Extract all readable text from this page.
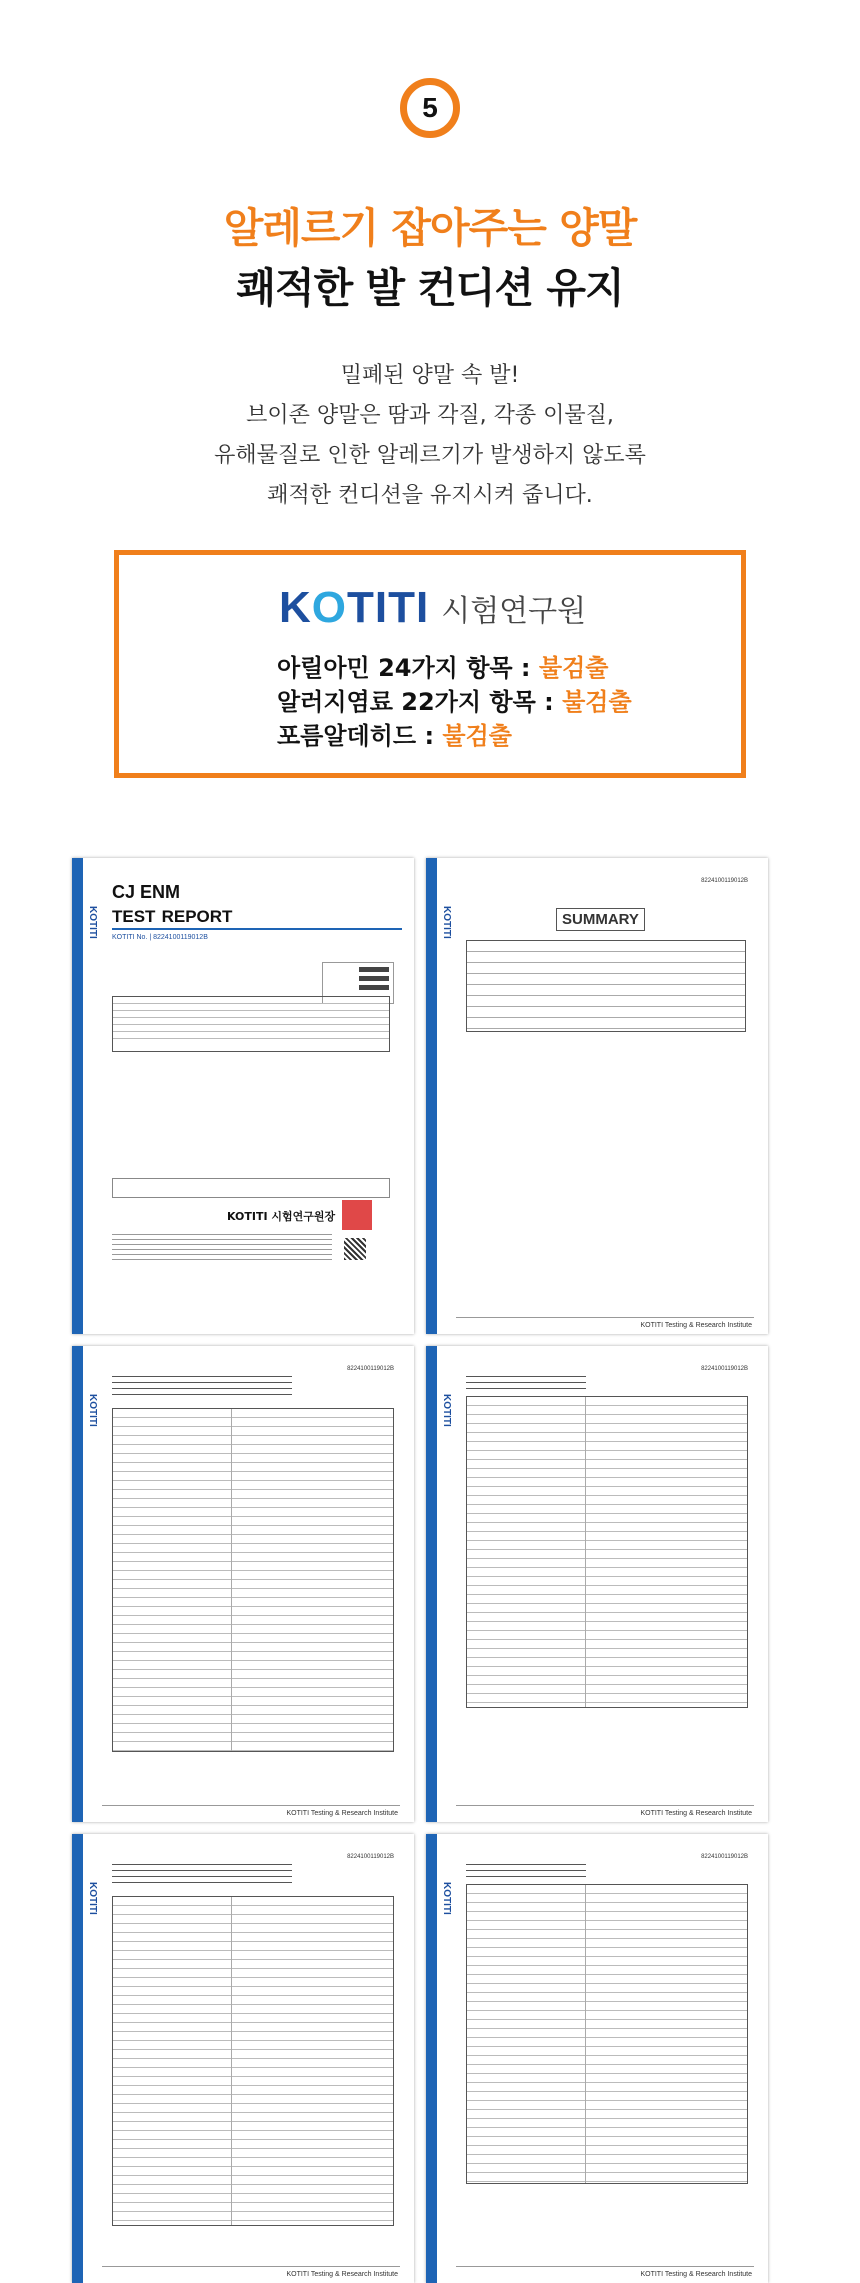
5
알레르기 잡아주는 양말
쾌적한 발 컨디션 유지
밀폐된 양말 속 발!
브이존 양말은 땀과 각질, 각종 이물질,
유해물질로 인한 알레르기가 발생하지 않도록
쾌적한 컨디션을 유지시켜 줍니다.
KOTITI 시험연구원
아릴아민 24가지 항목 : 불검출
알러지염료 22가지 항목 : 불검출
포름알데히드 : 불검출
KOTITI
CJ ENM
TEST REPORT
KOTITI No. | 8224100119012B
KOTITI 시험연구원장
KOTITI
8224100119012B
SUMMARY
KOTITI Testing & Research Institute
KOTITI
8224100119012B
KOTITI Testing & Research Institute
KOTITI
8224100119012B
KOTITI Testing & Research Institute
KOTITI
8224100119012B
KOTITI Testing & Research Institute
KOTITI
8224100119012B
KOTITI Testing & Research Institute
